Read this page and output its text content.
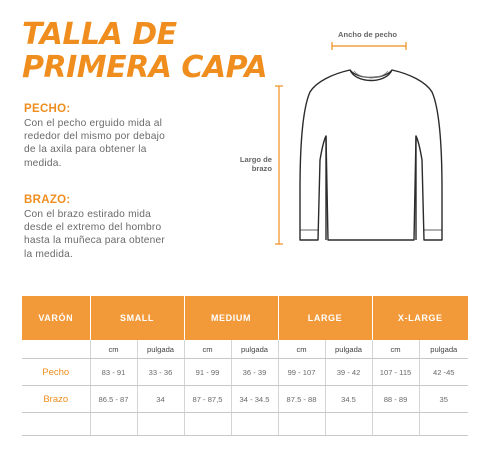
TALLA DE
PRIMERA CAPA
PECHO:

Con el pecho erguido mida al rededor del mismo por debajo de la axila para obtener la medida.

BRAZO:

Con el brazo estirado mida desde el extremo del hombro hasta la muñeca para obtener la medida.

Ancho de pecho
Largo de
brazo
VARÓN	SMALL		MEDIUM		LARGE		X-LARGE	
	cm	pulgada	cm	pulgada	cm	pulgada	cm	pulgada
Pecho	83 - 91	33 - 36	91 - 99	36 - 39	99 - 107	39 - 42	107 - 115	42 -45
Brazo	86.5 - 87	34	87 - 87,5	34 - 34.5	87.5 - 88	34.5	88 - 89	35
